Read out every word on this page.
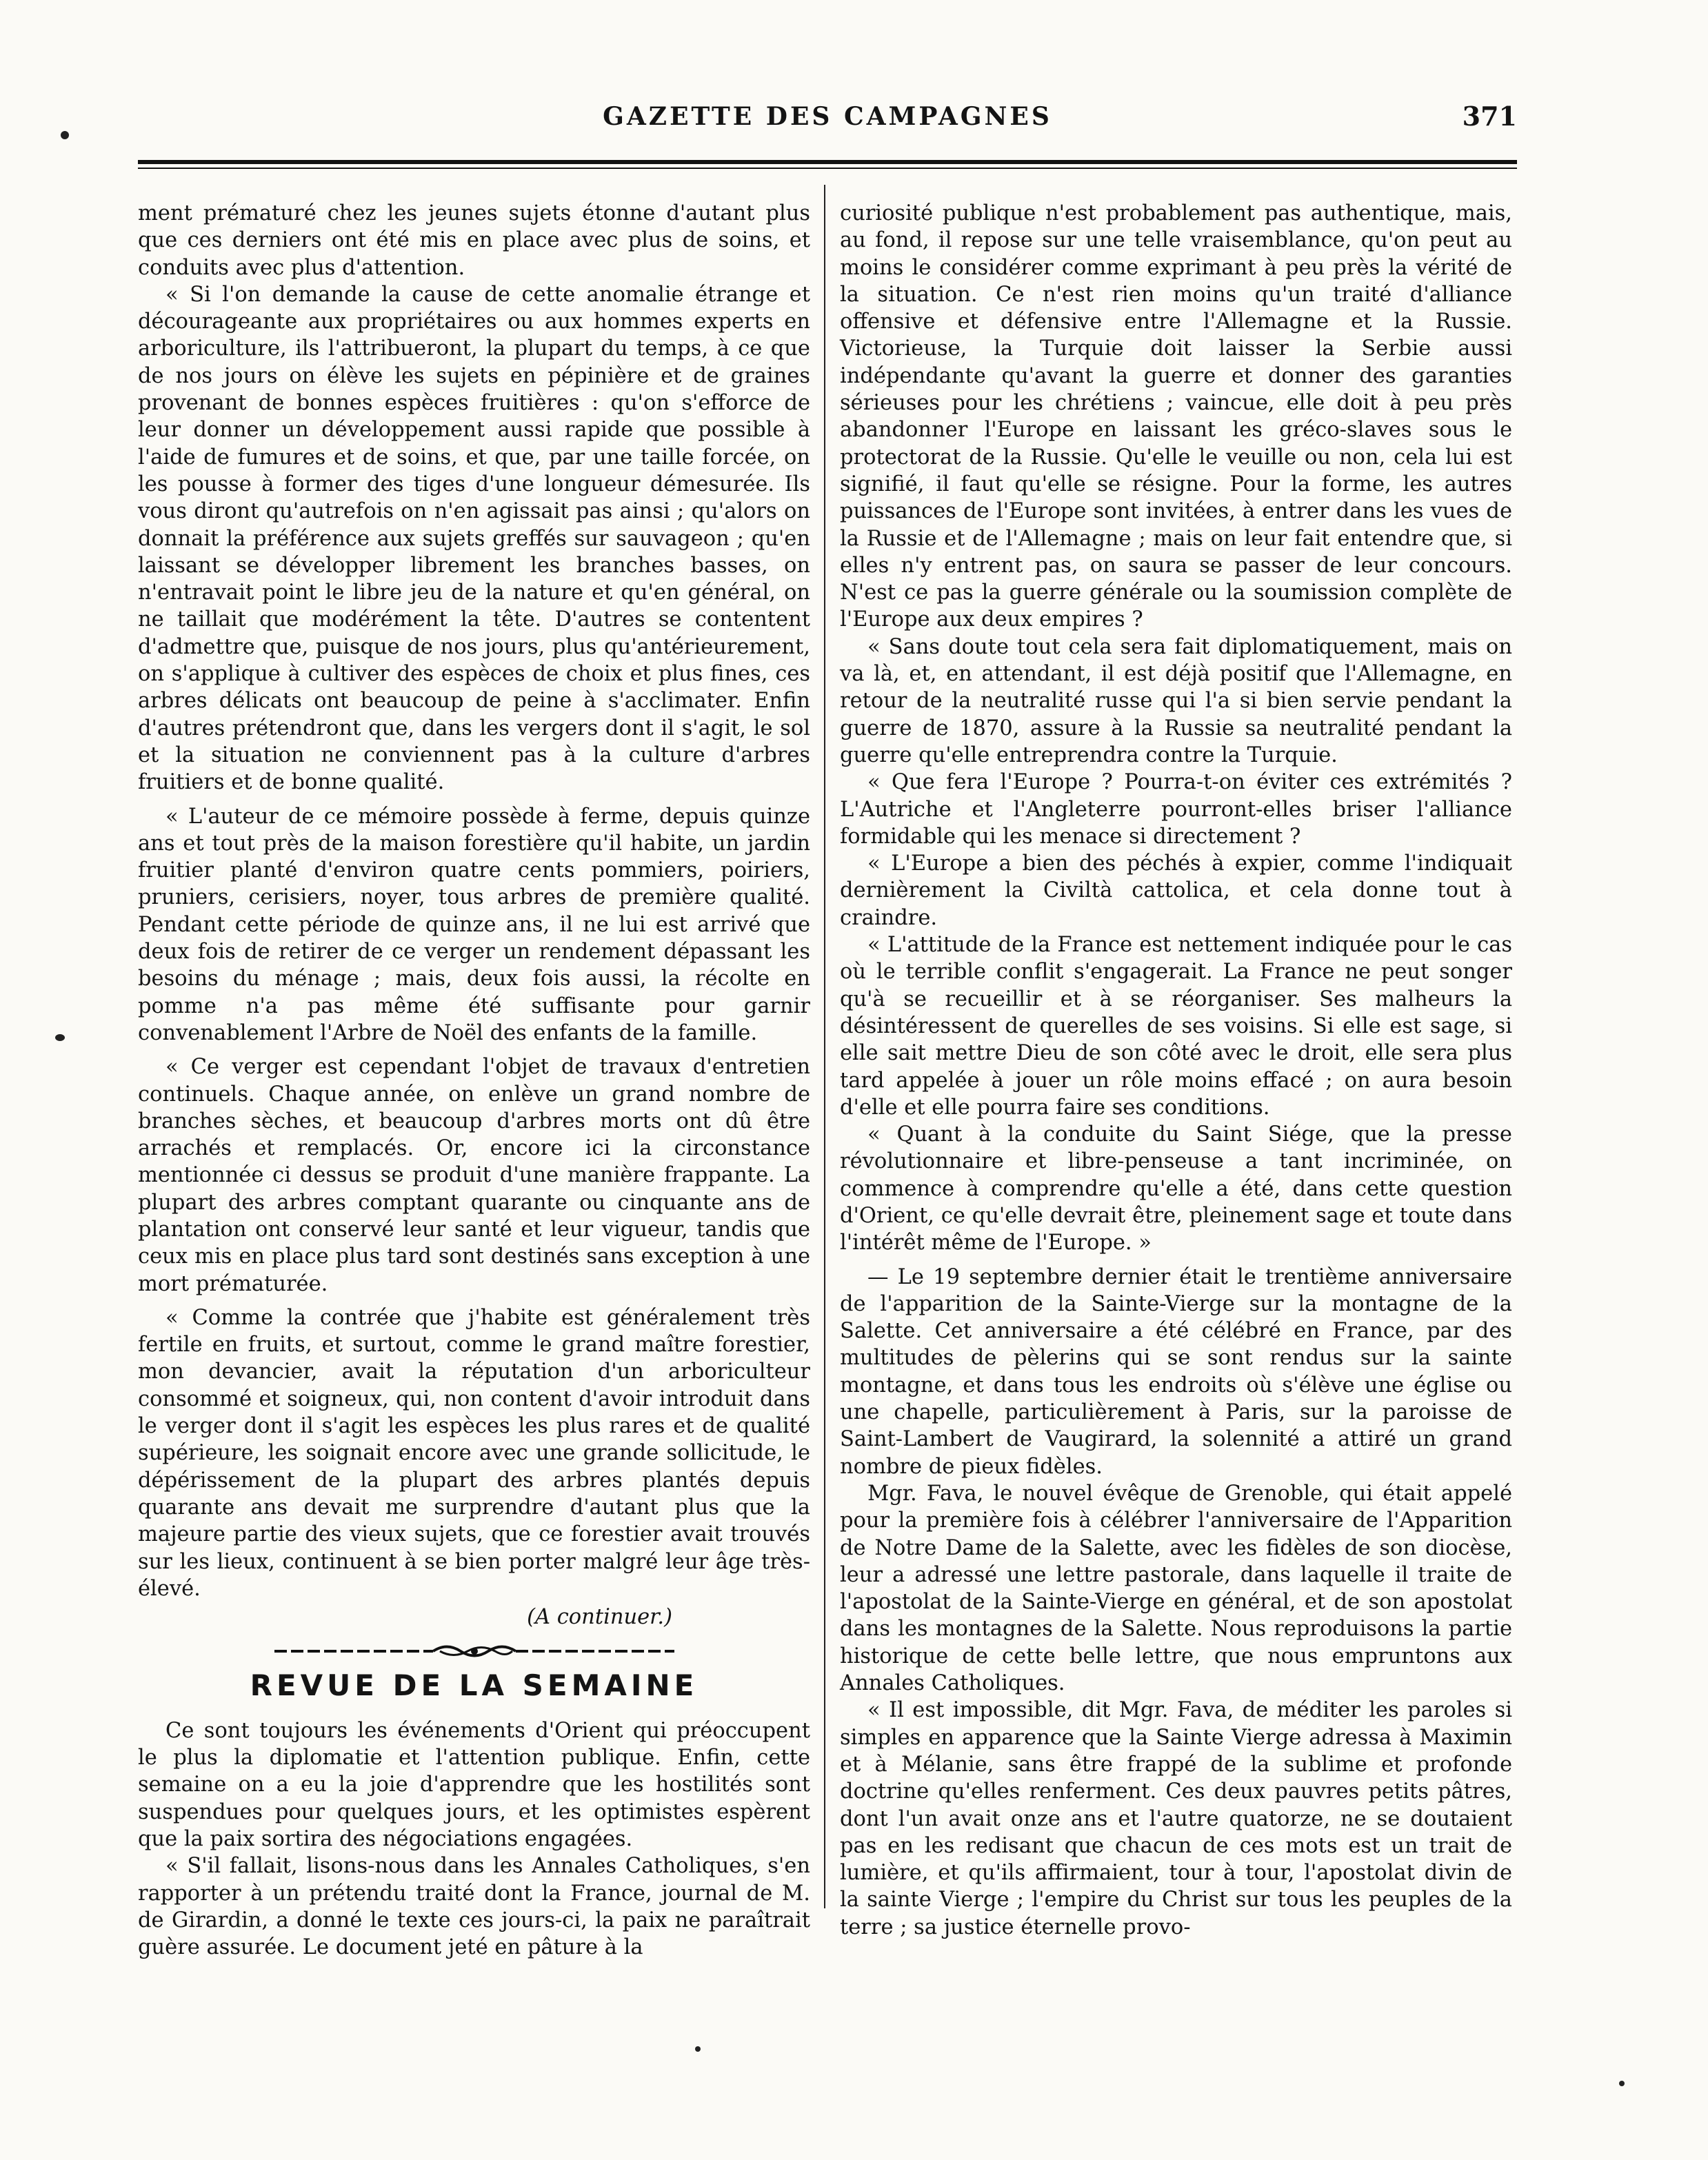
GAZETTE DES CAMPAGNES	371

ment prématuré chez les jeunes sujets étonne d'autant plus que ces derniers ont été mis en place avec plus de soins, et conduits avec plus d'attention.

« Si l'on demande la cause de cette anomalie étrange et décourageante aux propriétaires ou aux hommes experts en arboriculture, ils l'attribueront, la plupart du temps, à ce que de nos jours on élève les sujets en pépinière et de graines provenant de bonnes espèces fruitières : qu'on s'efforce de leur donner un développement aussi rapide que possible à l'aide de fumures et de soins, et que, par une taille forcée, on les pousse à former des tiges d'une longueur démesurée. Ils vous diront qu'autrefois on n'en agissait pas ainsi ; qu'alors on donnait la préférence aux sujets greffés sur sauvageon ; qu'en laissant se développer librement les branches basses, on n'entravait point le libre jeu de la nature et qu'en général, on ne taillait que modérément la tête. D'autres se contentent d'admettre que, puisque de nos jours, plus qu'antérieurement, on s'applique à cultiver des espèces de choix et plus fines, ces arbres délicats ont beaucoup de peine à s'acclimater. Enfin d'autres prétendront que, dans les vergers dont il s'agit, le sol et la situation ne conviennent pas à la culture d'arbres fruitiers et de bonne qualité.

« L'auteur de ce mémoire possède à ferme, depuis quinze ans et tout près de la maison forestière qu'il habite, un jardin fruitier planté d'environ quatre cents pommiers, poiriers, pruniers, cerisiers, noyer, tous arbres de première qualité. Pendant cette période de quinze ans, il ne lui est arrivé que deux fois de retirer de ce verger un rendement dépassant les besoins du ménage ; mais, deux fois aussi, la récolte en pomme n'a pas même été suffisante pour garnir convenablement l'Arbre de Noël des enfants de la famille.

« Ce verger est cependant l'objet de travaux d'entretien continuels. Chaque année, on enlève un grand nombre de branches sèches, et beaucoup d'arbres morts ont dû être arrachés et remplacés. Or, encore ici la circonstance mentionnée ci dessus se produit d'une manière frappante. La plupart des arbres comptant quarante ou cinquante ans de plantation ont conservé leur santé et leur vigueur, tandis que ceux mis en place plus tard sont destinés sans exception à une mort prématurée.

« Comme la contrée que j'habite est généralement très fertile en fruits, et surtout, comme le grand maître forestier, mon devancier, avait la réputation d'un arboriculteur consommé et soigneux, qui, non content d'avoir introduit dans le verger dont il s'agit les espèces les plus rares et de qualité supérieure, les soignait encore avec une grande sollicitude, le dépérissement de la plupart des arbres plantés depuis quarante ans devait me surprendre d'autant plus que la majeure partie des vieux sujets, que ce forestier avait trouvés sur les lieux, continuent à se bien porter malgré leur âge très-élevé.

(A continuer.)

REVUE DE LA SEMAINE

Ce sont toujours les événements d'Orient qui préoccupent le plus la diplomatie et l'attention publique. Enfin, cette semaine on a eu la joie d'apprendre que les hostilités sont suspendues pour quelques jours, et les optimistes espèrent que la paix sortira des négociations engagées.

« S'il fallait, lisons-nous dans les Annales Catholiques, s'en rapporter à un prétendu traité dont la France, journal de M. de Girardin, a donné le texte ces jours-ci, la paix ne paraîtrait guère assurée. Le document jeté en pâture à la

curiosité publique n'est probablement pas authentique, mais, au fond, il repose sur une telle vraisemblance, qu'on peut au moins le considérer comme exprimant à peu près la vérité de la situation. Ce n'est rien moins qu'un traité d'alliance offensive et défensive entre l'Allemagne et la Russie. Victorieuse, la Turquie doit laisser la Serbie aussi indépendante qu'avant la guerre et donner des garanties sérieuses pour les chrétiens ; vaincue, elle doit à peu près abandonner l'Europe en laissant les gréco-slaves sous le protectorat de la Russie. Qu'elle le veuille ou non, cela lui est signifié, il faut qu'elle se résigne. Pour la forme, les autres puissances de l'Europe sont invitées, à entrer dans les vues de la Russie et de l'Allemagne ; mais on leur fait entendre que, si elles n'y entrent pas, on saura se passer de leur concours. N'est ce pas la guerre générale ou la soumission complète de l'Europe aux deux empires ?

« Sans doute tout cela sera fait diplomatiquement, mais on va là, et, en attendant, il est déjà positif que l'Allemagne, en retour de la neutralité russe qui l'a si bien servie pendant la guerre de 1870, assure à la Russie sa neutralité pendant la guerre qu'elle entreprendra contre la Turquie.

« Que fera l'Europe ? Pourra-t-on éviter ces extrémités ? L'Autriche et l'Angleterre pourront-elles briser l'alliance formidable qui les menace si directement ?

« L'Europe a bien des péchés à expier, comme l'indiquait dernièrement la Civiltà cattolica, et cela donne tout à craindre.

« L'attitude de la France est nettement indiquée pour le cas où le terrible conflit s'engagerait. La France ne peut songer qu'à se recueillir et à se réorganiser. Ses malheurs la désintéressent de querelles de ses voisins. Si elle est sage, si elle sait mettre Dieu de son côté avec le droit, elle sera plus tard appelée à jouer un rôle moins effacé ; on aura besoin d'elle et elle pourra faire ses conditions.

« Quant à la conduite du Saint Siége, que la presse révolutionnaire et libre-penseuse a tant incriminée, on commence à comprendre qu'elle a été, dans cette question d'Orient, ce qu'elle devrait être, pleinement sage et toute dans l'intérêt même de l'Europe. »

— Le 19 septembre dernier était le trentième anniversaire de l'apparition de la Sainte-Vierge sur la montagne de la Salette. Cet anniversaire a été célébré en France, par des multitudes de pèlerins qui se sont rendus sur la sainte montagne, et dans tous les endroits où s'élève une église ou une chapelle, particulièrement à Paris, sur la paroisse de Saint-Lambert de Vaugirard, la solennité a attiré un grand nombre de pieux fidèles.

Mgr. Fava, le nouvel évêque de Grenoble, qui était appelé pour la première fois à célébrer l'anniversaire de l'Apparition de Notre Dame de la Salette, avec les fidèles de son diocèse, leur a adressé une lettre pastorale, dans laquelle il traite de l'apostolat de la Sainte-Vierge en général, et de son apostolat dans les montagnes de la Salette. Nous reproduisons la partie historique de cette belle lettre, que nous empruntons aux Annales Catholiques.

« Il est impossible, dit Mgr. Fava, de méditer les paroles si simples en apparence que la Sainte Vierge adressa à Maximin et à Mélanie, sans être frappé de la sublime et profonde doctrine qu'elles renferment. Ces deux pauvres petits pâtres, dont l'un avait onze ans et l'autre quatorze, ne se doutaient pas en les redisant que chacun de ces mots est un trait de lumière, et qu'ils affirmaient, tour à tour, l'apostolat divin de la sainte Vierge ; l'empire du Christ sur tous les peuples de la terre ; sa justice éternelle provo-
